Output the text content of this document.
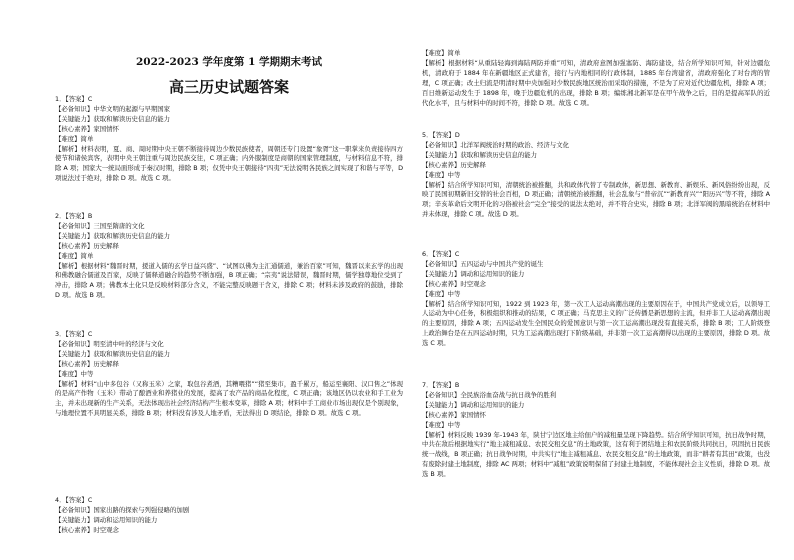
2022-2023 学年度第 1 学期期末考试
高三历史试题答案
1．【答案】C
【必备知识】中华文明的起源与早期国家
【关键能力】获取和解读历史信息的能力
【核心素养】家国情怀
【难度】简单
【解析】材料表明，夏、商、周时期中央王朝不断接待周边少数民族使者，周朝还专门设置“象胥”这一职掌来负责接待四方使节和诸侯宾客，表明中央王朝注重与周边民族交往，C 项正确；内外服制度是商朝的国家管理制度，与材料信息不符，排除 A 项；国家大一统局面形成于秦汉时期，排除 B 项；仅凭中央王朝接待“四夷”无法说明各民族之间实现了和谐与平等，D 项说法过于绝对，排除 D 项。故选 C 项。
2．【答案】B
【必备知识】三国至隋唐的文化
【关键能力】获取和解读历史信息的能力
【核心素养】历史解释
【难度】简单
【解析】根据材料“魏晋时期，援道入儒的玄学日益兴盛”、“试图以佛为主汇通儒道，兼治百家”可知，魏晋以来玄学的出现和佛教融合儒道及百家，反映了儒释道融合的趋势不断加强，B 项正确；“宗夷”说法错误，魏晋时期，儒学独尊地位受到了冲击，排除 A 项；佛教本土化只是反映材料部分含义，不能完整反映题干含义，排除 C 项；材料未涉及政府的鼓励，排除 D 项。故选 B 项。
3．【答案】C
【必备知识】明至清中叶的经济与文化
【关键能力】获取和解读历史信息的能力
【核心素养】历史解释
【难度】中等
【解析】材料“山中多包谷（又称玉米）之家，取包谷煮酒，其糟喂猪”“猪至集市，盈千累万，船运至襄阳、汉口售之”体现的是高产作物（玉米）带动了酿酒业和养猪业的发展，提高了农产品的商品化程度，C 项正确；该地区仍以农业和手工业为主，并未出现新的生产关系，无法体现出社会经济结构产生根本变革，排除 A 项；材料中手工商业市场出现仅是个别现象，与地理位置不具明显关系，排除 B 项；材料没有涉及人地矛盾，无法得出 D 项结论，排除 D 项。故选 C 项。
4．【答案】C
【必备知识】国家出路的探索与列强侵略的加剧
【关键能力】调动和运用知识的能力
【核心素养】时空观念
【难度】简单
【解析】根据材料“从重陆轻海到海陆两防并重”可知，清政府意图加强塞防、海防建设，结合所学知识可知，针对边疆危机，清政府于 1884 年在新疆地区正式建省，接行与内地相同的行政体制，1885 年台湾建省，清政府强化了对台湾的管理，C 项正确；改土归流是明清时期中央加强对少数民族地区统治而采取的措施，不是为了应对近代边疆危机，排除 A 项；百日维新运动发生于 1898 年，晚于边疆危机的出现，排除 B 项；编练湘北新军是在甲午战争之后，目的是提高军队的近代化水平，且与材料中的时间不符，排除 D 项。故选 C 项。
5．【答案】D
【必备知识】北洋军阀统治时期的政治、经济与文化
【关键能力】获取和解读历史信息的能力
【核心素养】历史解释
【难度】中等
【解析】结合所学知识可知，清朝统治被推翻，共和政体代替了专制政体，新思想、新教育、新娱乐、新风俗纷纷出现，反映了民国初期新旧交替的社会百相，D 项正确；清朝统治被推翻，社会乱象与“普帝沉”“新教育兴”“阳历兴”等不符，排除 A 项；辛亥革命后文明开化的习俗被社会“完全”接受的说法太绝对，并不符合史实，排除 B 项；北洋军阀的黑暗统治在材料中并未体现，排除 C 项。故选 D 项。
6．【答案】C
【必备知识】五四运动与中国共产党的诞生
【关键能力】调动和运用知识的能力
【核心素养】时空观念
【难度】中等
【解析】结合所学知识可知，1922 到 1923 年，第一次工人运动高潮出现的主要原因在于，中国共产党成立后，以领导工人运动为中心任务，积极组织和推动的结果，C 项正确；马克思主义的广泛传播是新思想的主流，但并非工人运动高潮出现的主要原因，排除 A 项；五四运动发生全国民众的爱国意识与第一次工运高潮出现没有直接关系，排除 B 项；工人阶级登上政治舞台是在五四运动时期，只为工运高潮出现打下阶级基础，并非第一次工运高潮得以出现的主要原因，排除 D 项。故选 C 项。
7．【答案】B
【必备知识】全民族浴血奋战与抗日战争的胜利
【关键能力】调动和运用知识的能力
【核心素养】家国情怀
【难度】中等
【解析】材料反映 1939 年-1943 年，陕甘宁边区地主给佃户的减租量呈现下降趋势。结合所学知识可知，抗日战争时期，中共在敌后根据地实行“地主减租减息、农民交租交息”的土地政策，这有利于团结地主和农民阶级共同抗日，巩固抗日民族统一战线，B 项正确；抗日战争时期，中共实行“地主减租减息、农民交租交息”的土地政策，而非“耕者有其田”政策，也没有废除封建土地制度，排除 AC 两项；材料中“减租”政策说明保留了封建土地制度，不能体现社会主义性质，排除 D 项。故选 B 项。
